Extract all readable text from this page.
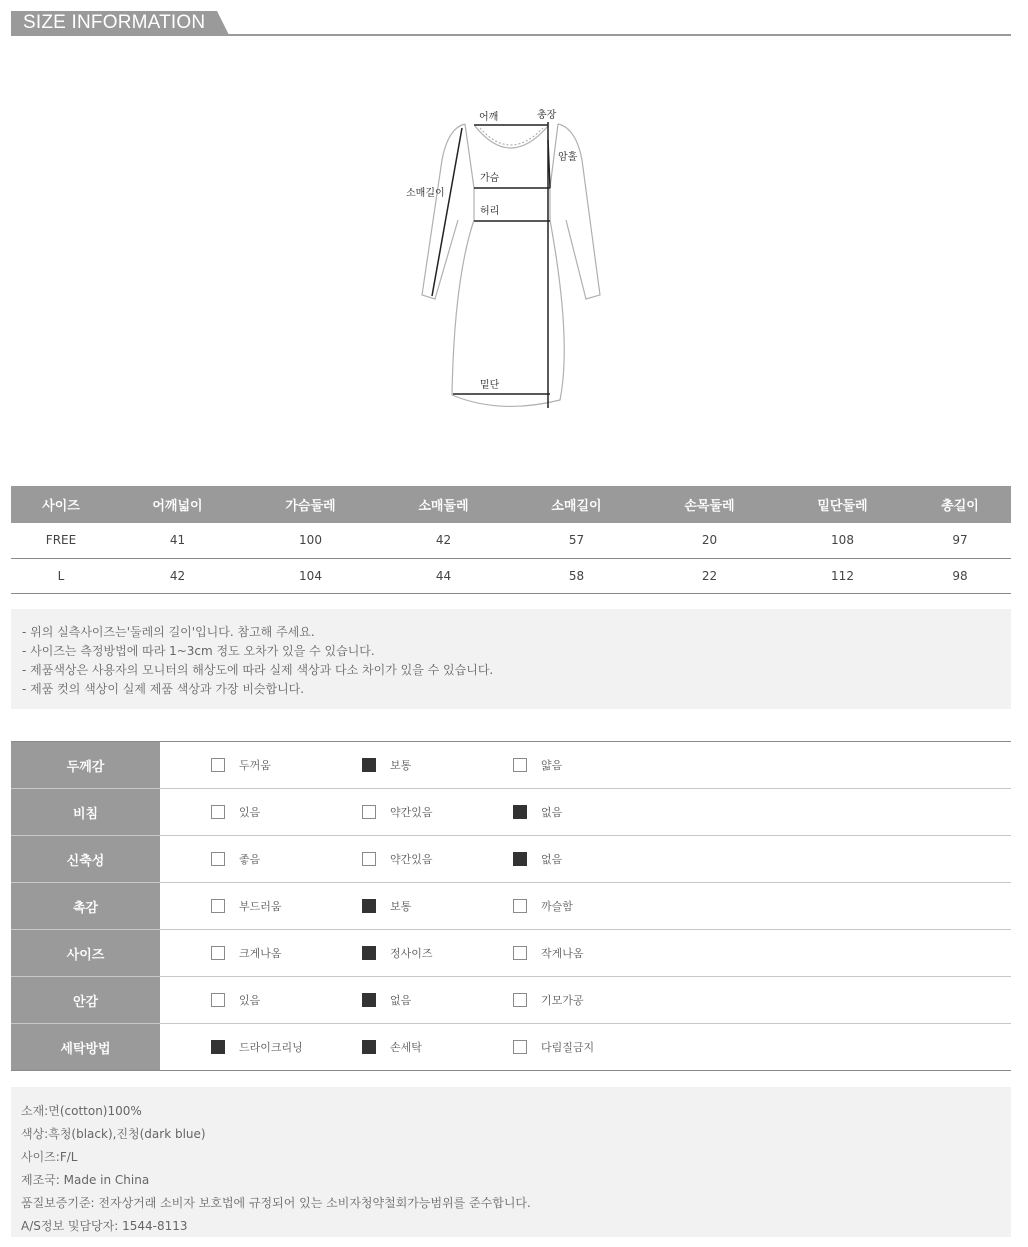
SIZE INFORMATION
어깨	총장
암홀
가슴
소매길이
허리
밑단
사이즈	어깨넓이	가슴둘레	소매둘레	소매길이	손목둘레	밑단둘레	총길이
FREE	41	100	42	57	20	108	97
L	42	104	44	58	22	112	98
- 위의 실측사이즈는'둘레의 길이'입니다. 참고해 주세요.
- 사이즈는 측정방법에 따라 1~3cm 정도 오차가 있을 수 있습니다.
- 제품색상은 사용자의 모니터의 해상도에 따라 실제 색상과 다소 차이가 있을 수 있습니다.
- 제품 컷의 색상이 실제 제품 색상과 가장 비슷합니다.
두께감	두꺼움	보통	얇음
비침	있음	약간있음	없음
신축성	좋음	약간있음	없음
촉감	부드러움	보통	까슬함
사이즈	크게나옴	정사이즈	작게나옴
안감	있음	없음	기모가공
세탁방법	드라이크리닝	손세탁	다림질금지
소재:면(cotton)100%
색상:흑청(black),진청(dark blue)
사이즈:F/L
제조국: Made in China
품질보증기준: 전자상거래 소비자 보호법에 규정되어 있는 소비자청약철회가능범위를 준수합니다.
A/S정보 및담당자: 1544-8113
